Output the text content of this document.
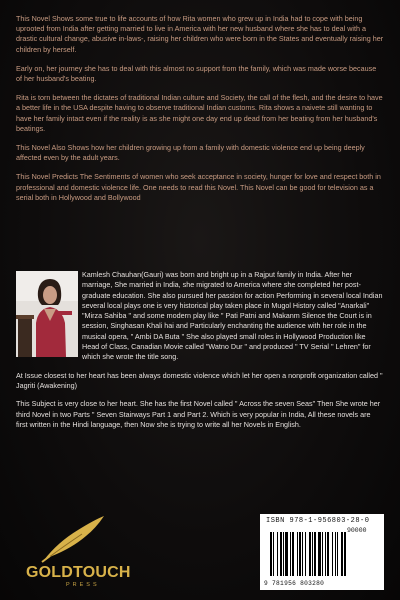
This Novel Shows some true to life accounts of how Rita women who grew up in India had to cope with being uprooted from India after getting married to live in America with her new husband where she has to deal with a drastic cultural change, abusive in-laws-, raising her children who were born in the States and eventually raising her children by herself.

Early on, her journey she has to deal with this almost no support from the family, which was made worse because of her husband's beating.

Rita is torn between the dictates of traditional Indian culture and Society, the call of the flesh, and the desire to have a better life in the USA despite having to observe traditional Indian customs. Rita shows a naivete still wanting to have her family intact even if the reality is as she might one day end up dead from her beating from her husband's beatings.

This Novel Also Shows how her children growing up from a family with domestic violence end up being deeply affected even by the adult years.

This Novel Predicts The Sentiments of women who seek acceptance in society, hunger for love and respect both in professional and domestic violence life. One needs to read this Novel. This Novel can be good for television as a serial both in Hollywood and Bollywood

Kamlesh Chauhan(Gauri) was born and bright up in a Rajput family in India. After her marriage, She married in India, she migrated to America where she completed her post-graduate education. She also pursued her passion for action Performing in several local Indian several local plays one is very historical play taken place in Mugol History called "Anarkali" "Mirza Sahiba " and some modern play like " Pati Patni and Makanm Silence the Court is in session, Singhasan Khali hai and Particularly enchanting the audience with her role in the musical opera, " Ambi DA Buta " She also played small roles in Hollywood Production like Head of Class, Canadian Movie called "Watno Dur " and produced " TV Serial " Lehren" for which she wrote the title song.

At Issue closest to her heart has been always domestic violence which let her open a nonprofit organization called " Jagriti (Awakening)

This Subject is very close to her heart. She has the first Novel called " Across the seven Seas" Then She wrote her third Novel in two Parts " Seven Stairways Part 1 and Part 2. Which is very popular in India, All these novels are first written in the Hindi language, then Now she is trying to write all her Novels in English.

GOLDTOUCH
PRESS
ISBN 978-1-956803-28-0
90000
9 781956 803280
